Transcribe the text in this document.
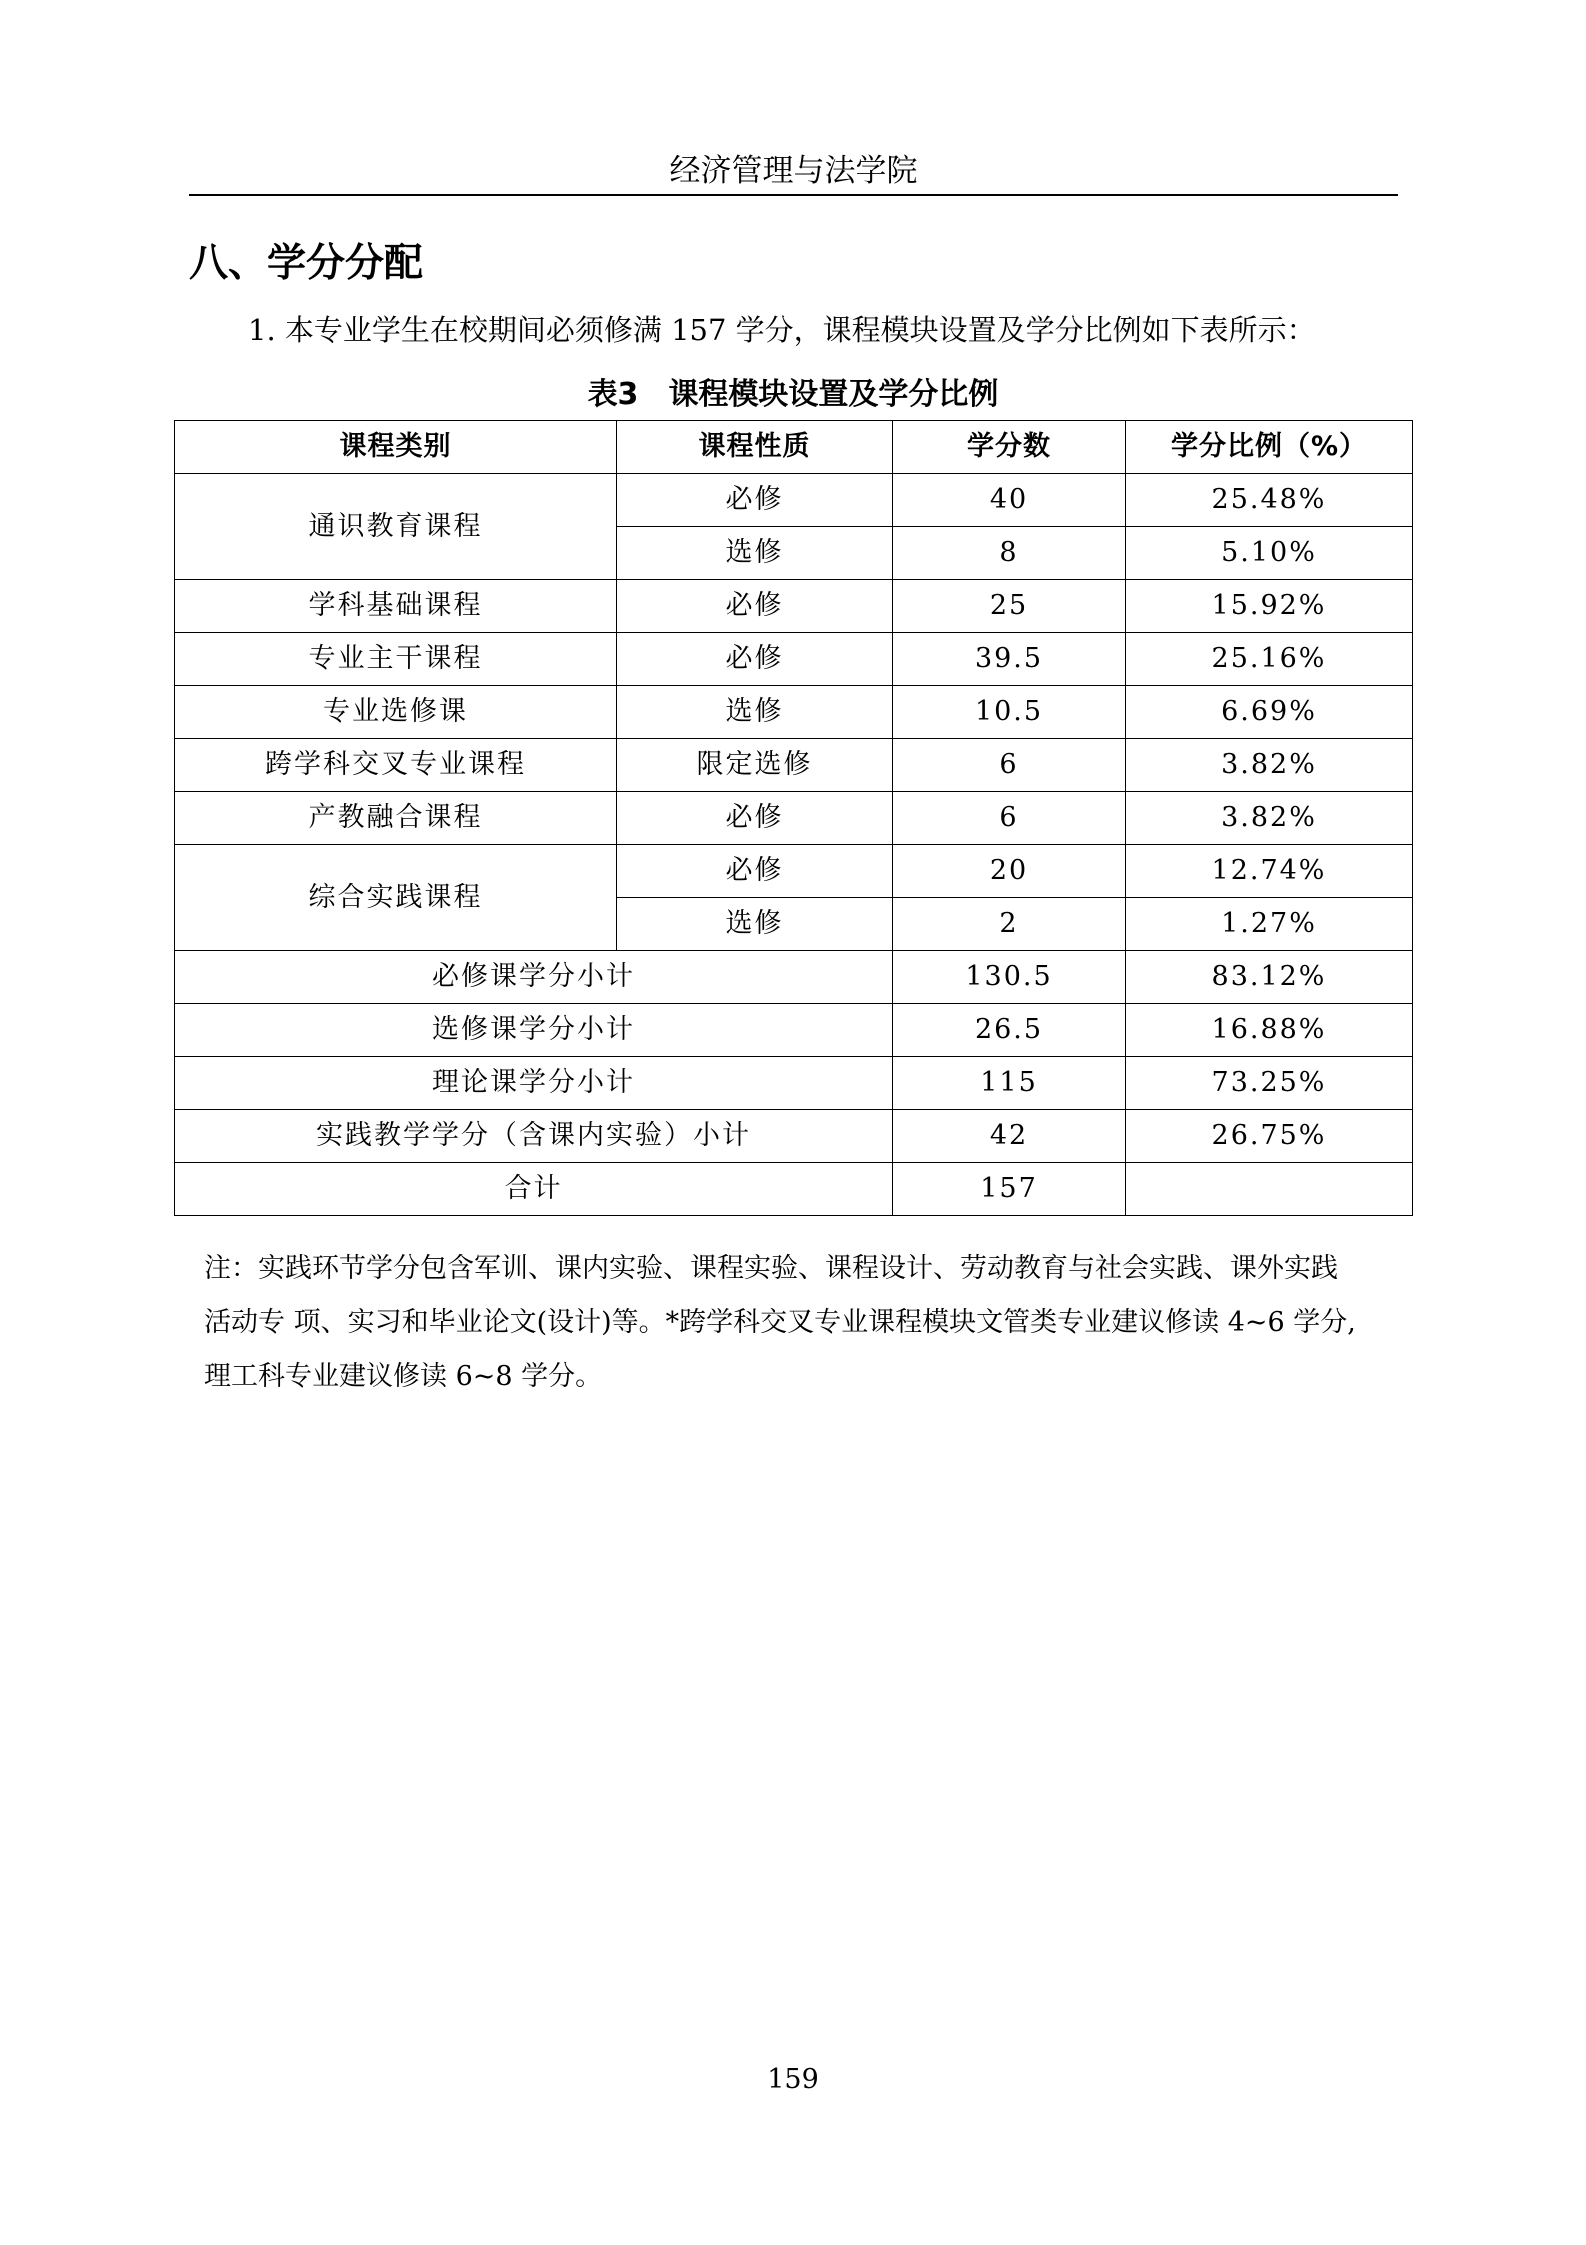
经济管理与法学院
八、学分分配
1. 本专业学生在校期间必须修满 157 学分，课程模块设置及学分比例如下表所示：
表3 课程模块设置及学分比例
课程类别	课程性质	学分数	学分比例（%）
通识教育课程	必修	40	25.48%
	选修	8	5.10%
学科基础课程	必修	25	15.92%
专业主干课程	必修	39.5	25.16%
专业选修课	选修	10.5	6.69%
跨学科交叉专业课程	限定选修	6	3.82%
产教融合课程	必修	6	3.82%
综合实践课程	必修	20	12.74%
	选修	2	1.27%
必修课学分小计		130.5	83.12%
选修课学分小计		26.5	16.88%
理论课学分小计		115	73.25%
实践教学学分（含课内实验）小计		42	26.75%
合计		157	
注：实践环节学分包含军训、课内实验、课程实验、课程设计、劳动教育与社会实践、课外实践
活动专 项、实习和毕业论文(设计)等。*跨学科交叉专业课程模块文管类专业建议修读 4~6 学分,
理工科专业建议修读 6~8 学分。
159
